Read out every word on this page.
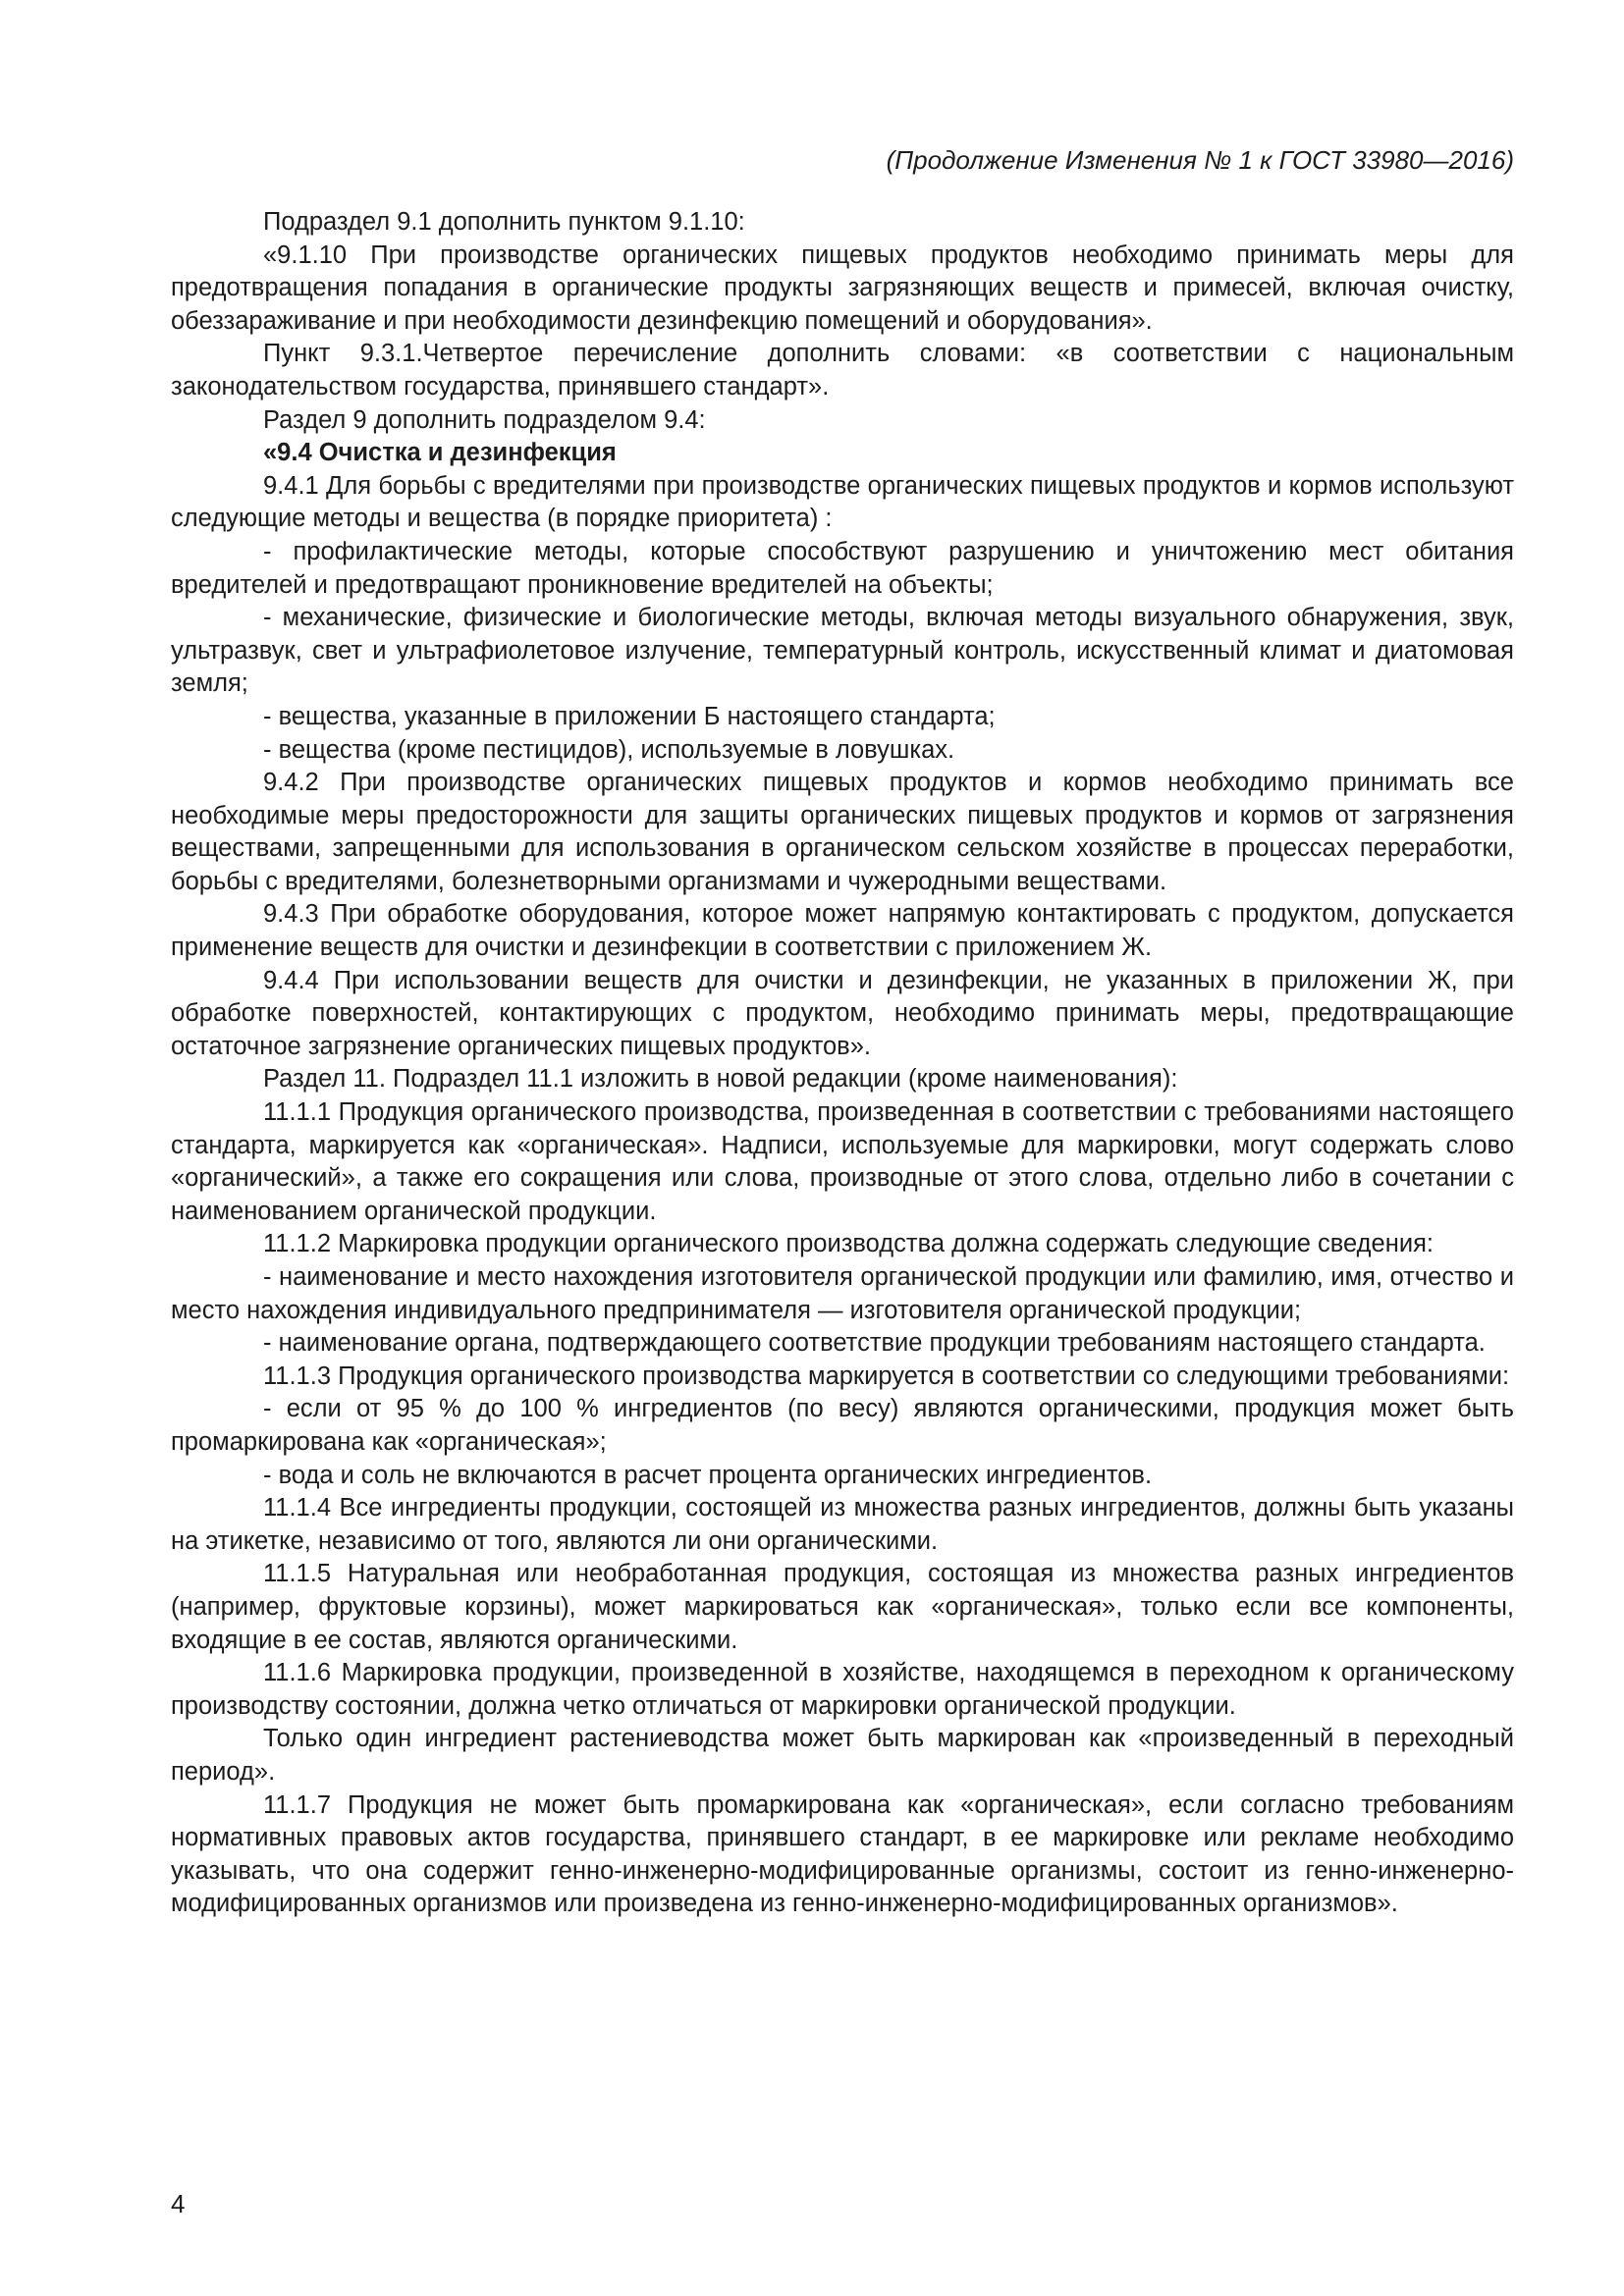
(Продолжение Изменения № 1 к ГОСТ 33980—2016)

Подраздел 9.1 дополнить пунктом 9.1.10:

«9.1.10 При производстве органических пищевых продуктов необходимо принимать меры для предотвращения попадания в органические продукты загрязняющих веществ и примесей, включая очистку, обеззараживание и при необходимости дезинфекцию помещений и оборудования».

Пункт 9.3.1.Четвертое перечисление дополнить словами: «в соответствии с национальным законодательством государства, принявшего стандарт».

Раздел 9 дополнить подразделом 9.4:

«9.4 Очистка и дезинфекция

9.4.1 Для борьбы с вредителями при производстве органических пищевых продуктов и кормов используют следующие методы и вещества (в порядке приоритета) :

- профилактические методы, которые способствуют разрушению и уничтожению мест обитания вредителей и предотвращают проникновение вредителей на объекты;

- механические, физические и биологические методы, включая методы визуального обнаружения, звук, ультразвук, свет и ультрафиолетовое излучение, температурный контроль, искусственный климат и диатомовая земля;

- вещества, указанные в приложении Б настоящего стандарта;

- вещества (кроме пестицидов), используемые в ловушках.

9.4.2 При производстве органических пищевых продуктов и кормов необходимо принимать все необходимые меры предосторожности для защиты органических пищевых продуктов и кормов от загрязнения веществами, запрещенными для использования в органическом сельском хозяйстве в процессах переработки, борьбы с вредителями, болезнетворными организмами и чужеродными веществами.

9.4.3 При обработке оборудования, которое может напрямую контактировать с продуктом, допускается применение веществ для очистки и дезинфекции в соответствии с приложением Ж.

9.4.4 При использовании веществ для очистки и дезинфекции, не указанных в приложении Ж, при обработке поверхностей, контактирующих с продуктом, необходимо принимать меры, предотвращающие остаточное загрязнение органических пищевых продуктов».

Раздел 11. Подраздел 11.1 изложить в новой редакции (кроме наименования):

11.1.1 Продукция органического производства, произведенная в соответствии с требованиями настоящего стандарта, маркируется как «органическая». Надписи, используемые для маркировки, могут содержать слово «органический», а также его сокращения или слова, производные от этого слова, отдельно либо в сочетании с наименованием органической продукции.

11.1.2 Маркировка продукции органического производства должна содержать следующие сведения:

- наименование и место нахождения изготовителя органической продукции или фамилию, имя, отчество и место нахождения индивидуального предпринимателя — изготовителя органической продукции;

- наименование органа, подтверждающего соответствие продукции требованиям настоящего стандарта.

11.1.3 Продукция органического производства маркируется в соответствии со следующими требованиями:

- если от 95 % до 100 % ингредиентов (по весу) являются органическими, продукция может быть промаркирована как «органическая»;

- вода и соль не включаются в расчет процента органических ингредиентов.

11.1.4 Все ингредиенты продукции, состоящей из множества разных ингредиентов, должны быть указаны на этикетке, независимо от того, являются ли они органическими.

11.1.5 Натуральная или необработанная продукция, состоящая из множества разных ингредиентов (например, фруктовые корзины), может маркироваться как «органическая», только если все компоненты, входящие в ее состав, являются органическими.

11.1.6 Маркировка продукции, произведенной в хозяйстве, находящемся в переходном к органическому производству состоянии, должна четко отличаться от маркировки органической продукции.

Только один ингредиент растениеводства может быть маркирован как «произведенный в переходный период».

11.1.7 Продукция не может быть промаркирована как «органическая», если согласно требованиям нормативных правовых актов государства, принявшего стандарт, в ее маркировке или рекламе необходимо указывать, что она содержит генно-инженерно-модифицированные организмы, состоит из генно-инженерно-модифицированных организмов или произведена из генно-инженерно-модифицированных организмов».

4
